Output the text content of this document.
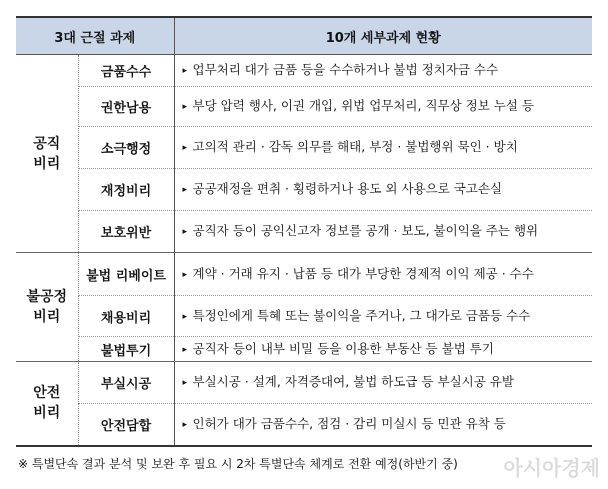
3대 근절 과제		10개 세부과제 현황

공직
비리	금품수수	▸ 업무처리 대가 금품 등을 수수하거나 불법 정치자금 수수
	권한남용	▸ 부당 압력 행사, 이권 개입, 위법 업무처리, 직무상 정보 누설 등
	소극행정	▸ 고의적 관리 · 감독 의무를 해태, 부정 · 불법행위 묵인 · 방치
	재정비리	▸ 공공재정을 편취 · 횡령하거나 용도 외 사용으로 국고손실
	보호위반	▸ 공직자 등이 공익신고자 정보를 공개 · 보도, 불이익을 주는 행위

불공정
비리	불법 리베이트	▸ 계약 · 거래 유지 · 납품 등 대가 부당한 경제적 이익 제공 · 수수
	채용비리	▸ 특정인에게 특혜 또는 불이익을 주거나, 그 대가로 금품등 수수
	불법투기	▸ 공직자 등이 내부 비밀 등을 이용한 부동산 등 불법 투기

안전
비리	부실시공	▸ 부실시공 · 설계, 자격증대여, 불법 하도급 등 부실시공 유발
	안전담합	▸ 인허가 대가 금품수수, 점검 · 감리 미실시 등 민관 유착 등
※ 특별단속 결과 분석 및 보완 후 필요 시 2차 특별단속 체계로 전환 예정(하반기 중) 아시아경제
